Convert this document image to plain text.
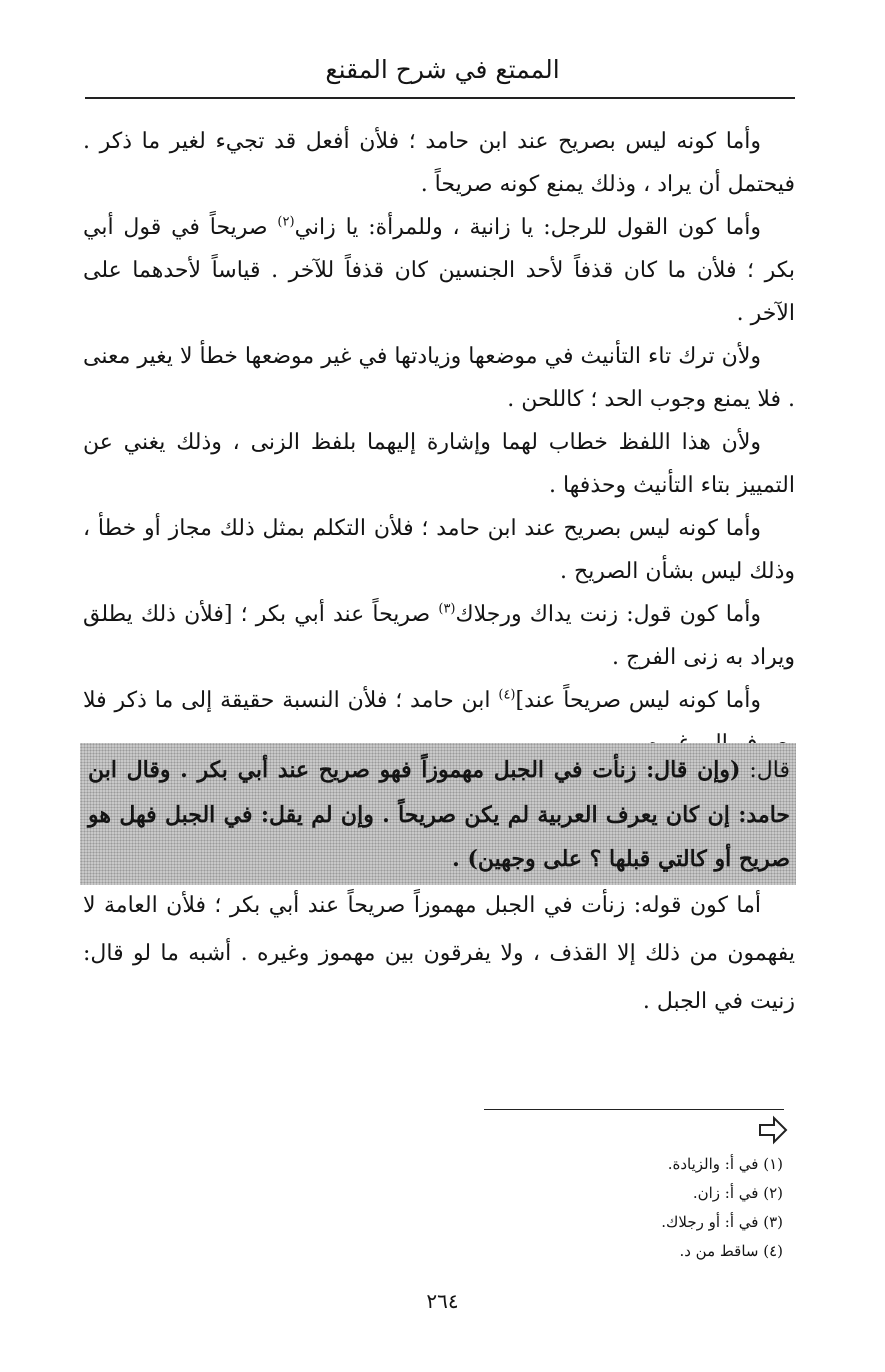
الممتع في شرح المقنع

وأما كونه ليس بصريح عند ابن حامد ؛ فلأن أفعل قد تجيء لغير ما ذكر . فيحتمل أن يراد ، وذلك يمنع كونه صريحاً .

وأما كون القول للرجل: يا زانية ، وللمرأة: يا زاني$^{(٢)}$ صريحاً في قول أبي بكر ؛ فلأن ما كان قذفاً لأحد الجنسين كان قذفاً للآخر . قياساً لأحدهما على الآخر .

ولأن ترك تاء التأنيث في موضعها وزيادتها في غير موضعها خطأ لا يغير معنى . فلا يمنع وجوب الحد ؛ كاللحن .

ولأن هذا اللفظ خطاب لهما وإشارة إليهما بلفظ الزنى ، وذلك يغني عن التمييز بتاء التأنيث وحذفها .

وأما كونه ليس بصريح عند ابن حامد ؛ فلأن التكلم بمثل ذلك مجاز أو خطأ ، وذلك ليس بشأن الصريح .

وأما كون قول: زنت يداك ورجلاك$^{(٣)}$ صريحاً عند أبي بكر ؛ [فلأن ذلك يطلق ويراد به زنى الفرج .

وأما كونه ليس صريحاً عند]$^{(٤)}$ ابن حامد ؛ فلأن النسبة حقيقة إلى ما ذكر فلا

قال: (وإن قال: زنأت في الجبل مهموزاً فهو صريح عند أبي بكر . وقال ابن حامد: إن كان يعرف العربية لم يكن صريحاً . وإن لم يقل: في الجبل فهل هو صريح أو كالتي قبلها ؟ على وجهين) .

أما كون قوله: زنأت في الجبل مهموزاً صريحاً عند أبي بكر ؛ فلأن العامة لا يفهمون من ذلك إلا القذف ، ولا يفرقون بين مهموز وغيره . أشبه ما لو قال: زنيت في الجبل .

(١) في أ: والزيادة.

(٢) في أ: زان.

(٣) في أ: أو رجلاك.

(٤) ساقط من د.

٢٦٤
